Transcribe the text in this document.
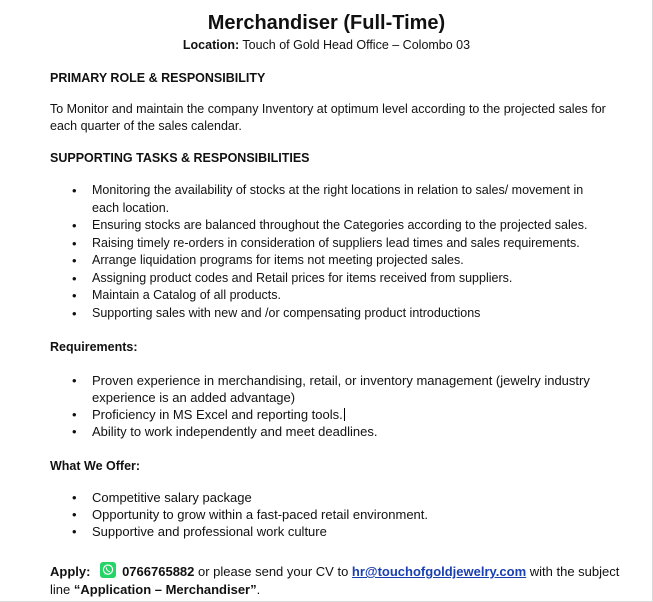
Merchandiser (Full-Time)
Location: Touch of Gold Head Office – Colombo 03
PRIMARY ROLE & RESPONSIBILITY
To Monitor and maintain the company Inventory at optimum level according to the projected sales for each quarter of the sales calendar.
SUPPORTING TASKS & RESPONSIBILITIES
• Monitoring the availability of stocks at the right locations in relation to sales/ movement in each location.
• Ensuring stocks are balanced throughout the Categories according to the projected sales.
• Raising timely re-orders in consideration of suppliers lead times and sales requirements.
• Arrange liquidation programs for items not meeting projected sales.
• Assigning product codes and Retail prices for items received from suppliers.
• Maintain a Catalog of all products.
• Supporting sales with new and /or compensating product introductions
Requirements:
• Proven experience in merchandising, retail, or inventory management (jewelry industry experience is an added advantage)
• Proficiency in MS Excel and reporting tools.
• Ability to work independently and meet deadlines.
What We Offer:
• Competitive salary package
• Opportunity to grow within a fast-paced retail environment.
• Supportive and professional work culture
Apply: 0766765882 or please send your CV to hr@touchofgoldjewelry.com with the subject line “Application – Merchandiser”.
